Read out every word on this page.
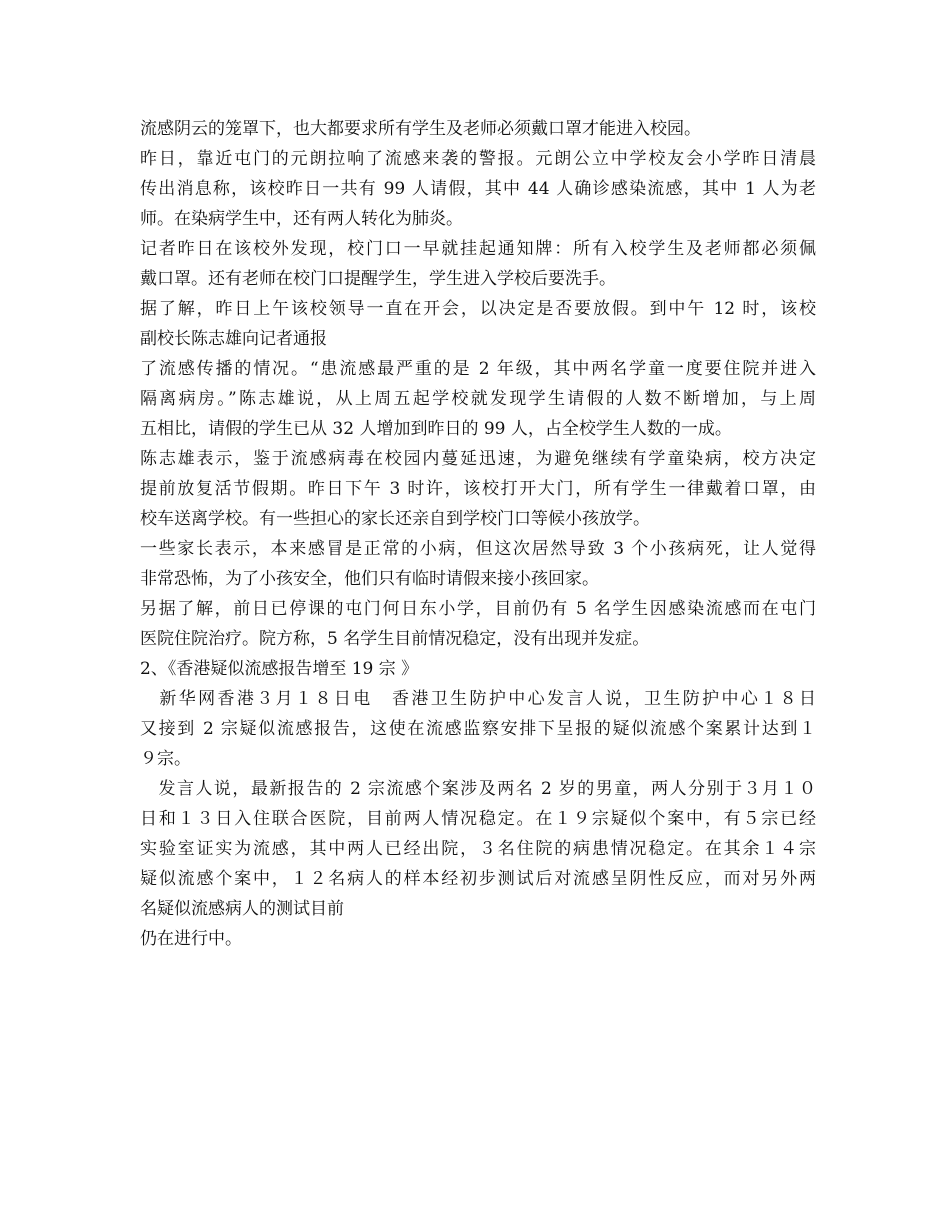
流感阴云的笼罩下，也大都要求所有学生及老师必须戴口罩才能进入校园。
昨日，靠近屯门的元朗拉响了流感来袭的警报。元朗公立中学校友会小学昨日清晨
传出消息称，该校昨日一共有 99 人请假，其中 44 人确诊感染流感，其中 1 人为老
师。在染病学生中，还有两人转化为肺炎。
记者昨日在该校外发现，校门口一早就挂起通知牌：所有入校学生及老师都必须佩
戴口罩。还有老师在校门口提醒学生，学生进入学校后要洗手。
据了解，昨日上午该校领导一直在开会，以决定是否要放假。到中午 12 时，该校
副校长陈志雄向记者通报
了流感传播的情况。“患流感最严重的是 2 年级，其中两名学童一度要住院并进入
隔离病房。”陈志雄说，从上周五起学校就发现学生请假的人数不断增加，与上周
五相比，请假的学生已从 32 人增加到昨日的 99 人，占全校学生人数的一成。
陈志雄表示，鉴于流感病毒在校园内蔓延迅速，为避免继续有学童染病，校方决定
提前放复活节假期。昨日下午 3 时许，该校打开大门，所有学生一律戴着口罩，由
校车送离学校。有一些担心的家长还亲自到学校门口等候小孩放学。
一些家长表示，本来感冒是正常的小病，但这次居然导致 3 个小孩病死，让人觉得
非常恐怖，为了小孩安全，他们只有临时请假来接小孩回家。
另据了解，前日已停课的屯门何日东小学，目前仍有 5 名学生因感染流感而在屯门
医院住院治疗。院方称，5 名学生目前情况稳定，没有出现并发症。
2、《香港疑似流感报告增至 19 宗 》
　新华网香港３月１８日电　香港卫生防护中心发言人说，卫生防护中心１８日
又接到 2 宗疑似流感报告，这使在流感监察安排下呈报的疑似流感个案累计达到１
９宗。
　发言人说，最新报告的 2 宗流感个案涉及两名 2 岁的男童，两人分别于３月１０
日和１３日入住联合医院，目前两人情况稳定。在１９宗疑似个案中，有５宗已经
实验室证实为流感，其中两人已经出院，３名住院的病患情况稳定。在其余１４宗
疑似流感个案中，１２名病人的样本经初步测试后对流感呈阴性反应，而对另外两
名疑似流感病人的测试目前
仍在进行中。
